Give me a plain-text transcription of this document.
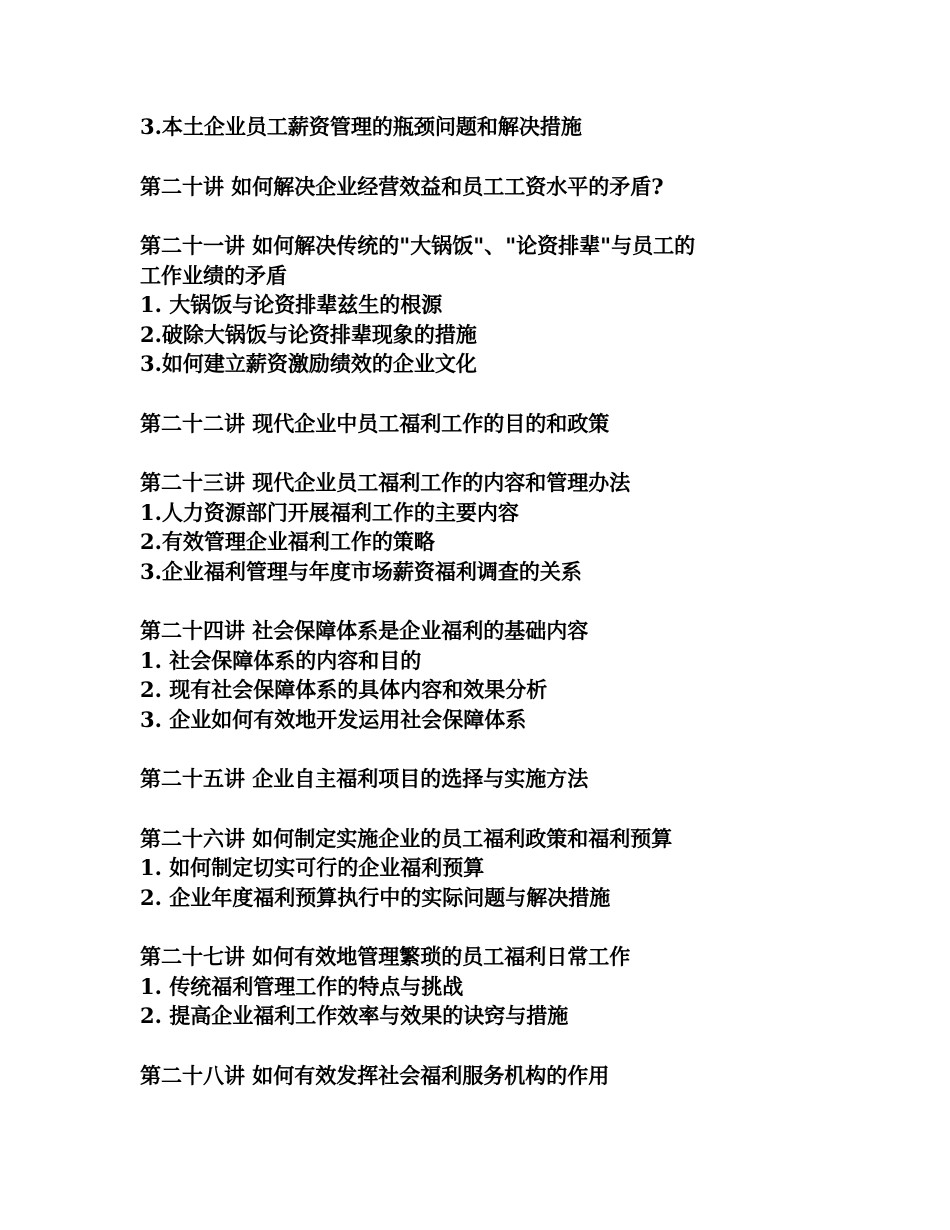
3.本土企业员工薪资管理的瓶颈问题和解决措施
第二十讲 如何解决企业经营效益和员工工资水平的矛盾?
第二十一讲 如何解决传统的"大锅饭"、"论资排辈"与员工的
工作业绩的矛盾
1. 大锅饭与论资排辈兹生的根源
2.破除大锅饭与论资排辈现象的措施
3.如何建立薪资激励绩效的企业文化
第二十二讲 现代企业中员工福利工作的目的和政策
第二十三讲 现代企业员工福利工作的内容和管理办法
1.人力资源部门开展福利工作的主要内容
2.有效管理企业福利工作的策略
3.企业福利管理与年度市场薪资福利调查的关系
第二十四讲 社会保障体系是企业福利的基础内容
1. 社会保障体系的内容和目的
2. 现有社会保障体系的具体内容和效果分析
3. 企业如何有效地开发运用社会保障体系
第二十五讲 企业自主福利项目的选择与实施方法
第二十六讲 如何制定实施企业的员工福利政策和福利预算
1. 如何制定切实可行的企业福利预算
2. 企业年度福利预算执行中的实际问题与解决措施
第二十七讲 如何有效地管理繁琐的员工福利日常工作
1. 传统福利管理工作的特点与挑战
2. 提高企业福利工作效率与效果的诀窍与措施
第二十八讲 如何有效发挥社会福利服务机构的作用
